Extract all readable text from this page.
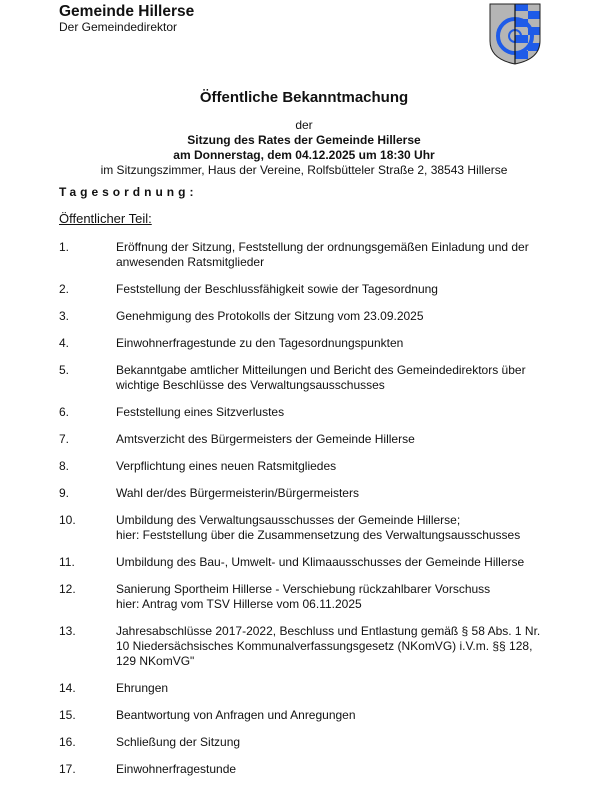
Gemeinde Hillerse
Der Gemeindedirektor
Öffentliche Bekanntmachung
der
Sitzung des Rates der Gemeinde Hillerse
am Donnerstag, dem 04.12.2025 um 18:30 Uhr
im Sitzungszimmer, Haus der Vereine, Rolfsbütteler Straße 2, 38543 Hillerse
Tagesordnung:
Öffentlicher Teil:
1.	Eröffnung der Sitzung, Feststellung der ordnungsgemäßen Einladung und der
anwesenden Ratsmitglieder
2.	Feststellung der Beschlussfähigkeit sowie der Tagesordnung
3.	Genehmigung des Protokolls der Sitzung vom 23.09.2025
4.	Einwohnerfragestunde zu den Tagesordnungspunkten
5.	Bekanntgabe amtlicher Mitteilungen und Bericht des Gemeindedirektors über
wichtige Beschlüsse des Verwaltungsausschusses
6.	Feststellung eines Sitzverlustes
7.	Amtsverzicht des Bürgermeisters der Gemeinde Hillerse
8.	Verpflichtung eines neuen Ratsmitgliedes
9.	Wahl der/des Bürgermeisterin/Bürgermeisters
10.	Umbildung des Verwaltungsausschusses der Gemeinde Hillerse;
hier: Feststellung über die Zusammensetzung des Verwaltungsausschusses
11.	Umbildung des Bau-, Umwelt- und Klimaausschusses der Gemeinde Hillerse
12.	Sanierung Sportheim Hillerse - Verschiebung rückzahlbarer Vorschuss
hier: Antrag vom TSV Hillerse vom 06.11.2025
13.	Jahresabschlüsse 2017-2022, Beschluss und Entlastung gemäß § 58 Abs. 1 Nr.
10 Niedersächsisches Kommunalverfassungsgesetz (NKomVG) i.V.m. §§ 128,
129 NKomVG"
14.	Ehrungen
15.	Beantwortung von Anfragen und Anregungen
16.	Schließung der Sitzung
17.	Einwohnerfragestunde
